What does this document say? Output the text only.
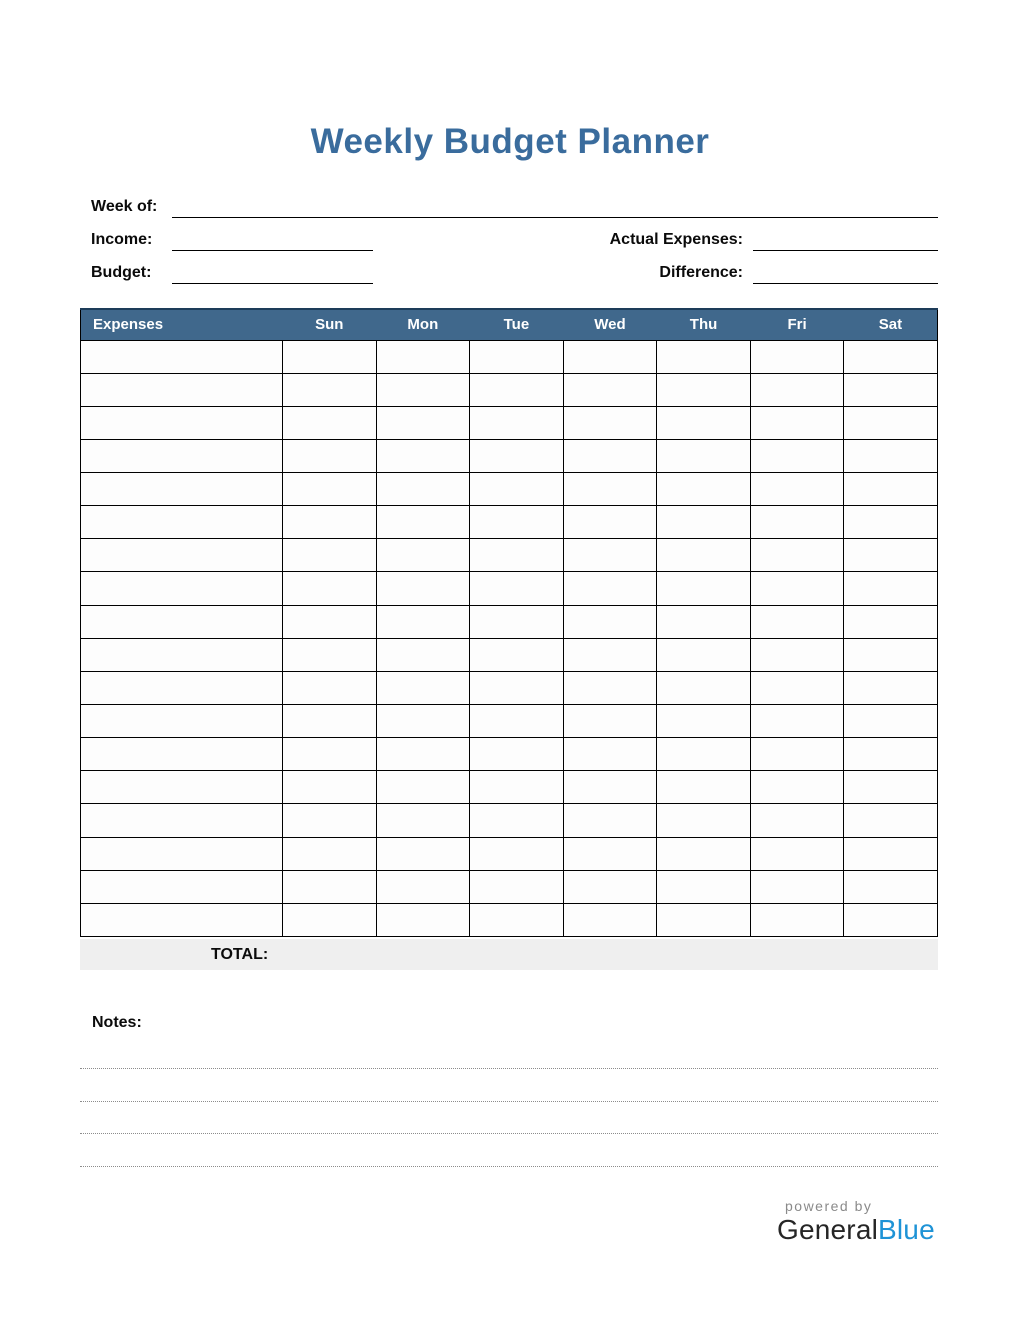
Weekly Budget Planner
Week of:
Income:	Actual Expenses:
Budget:	Difference:
Expenses	Sun	Mon	Tue	Wed	Thu	Fri	Sat

TOTAL:
Notes:
powered by
GeneralBlue
